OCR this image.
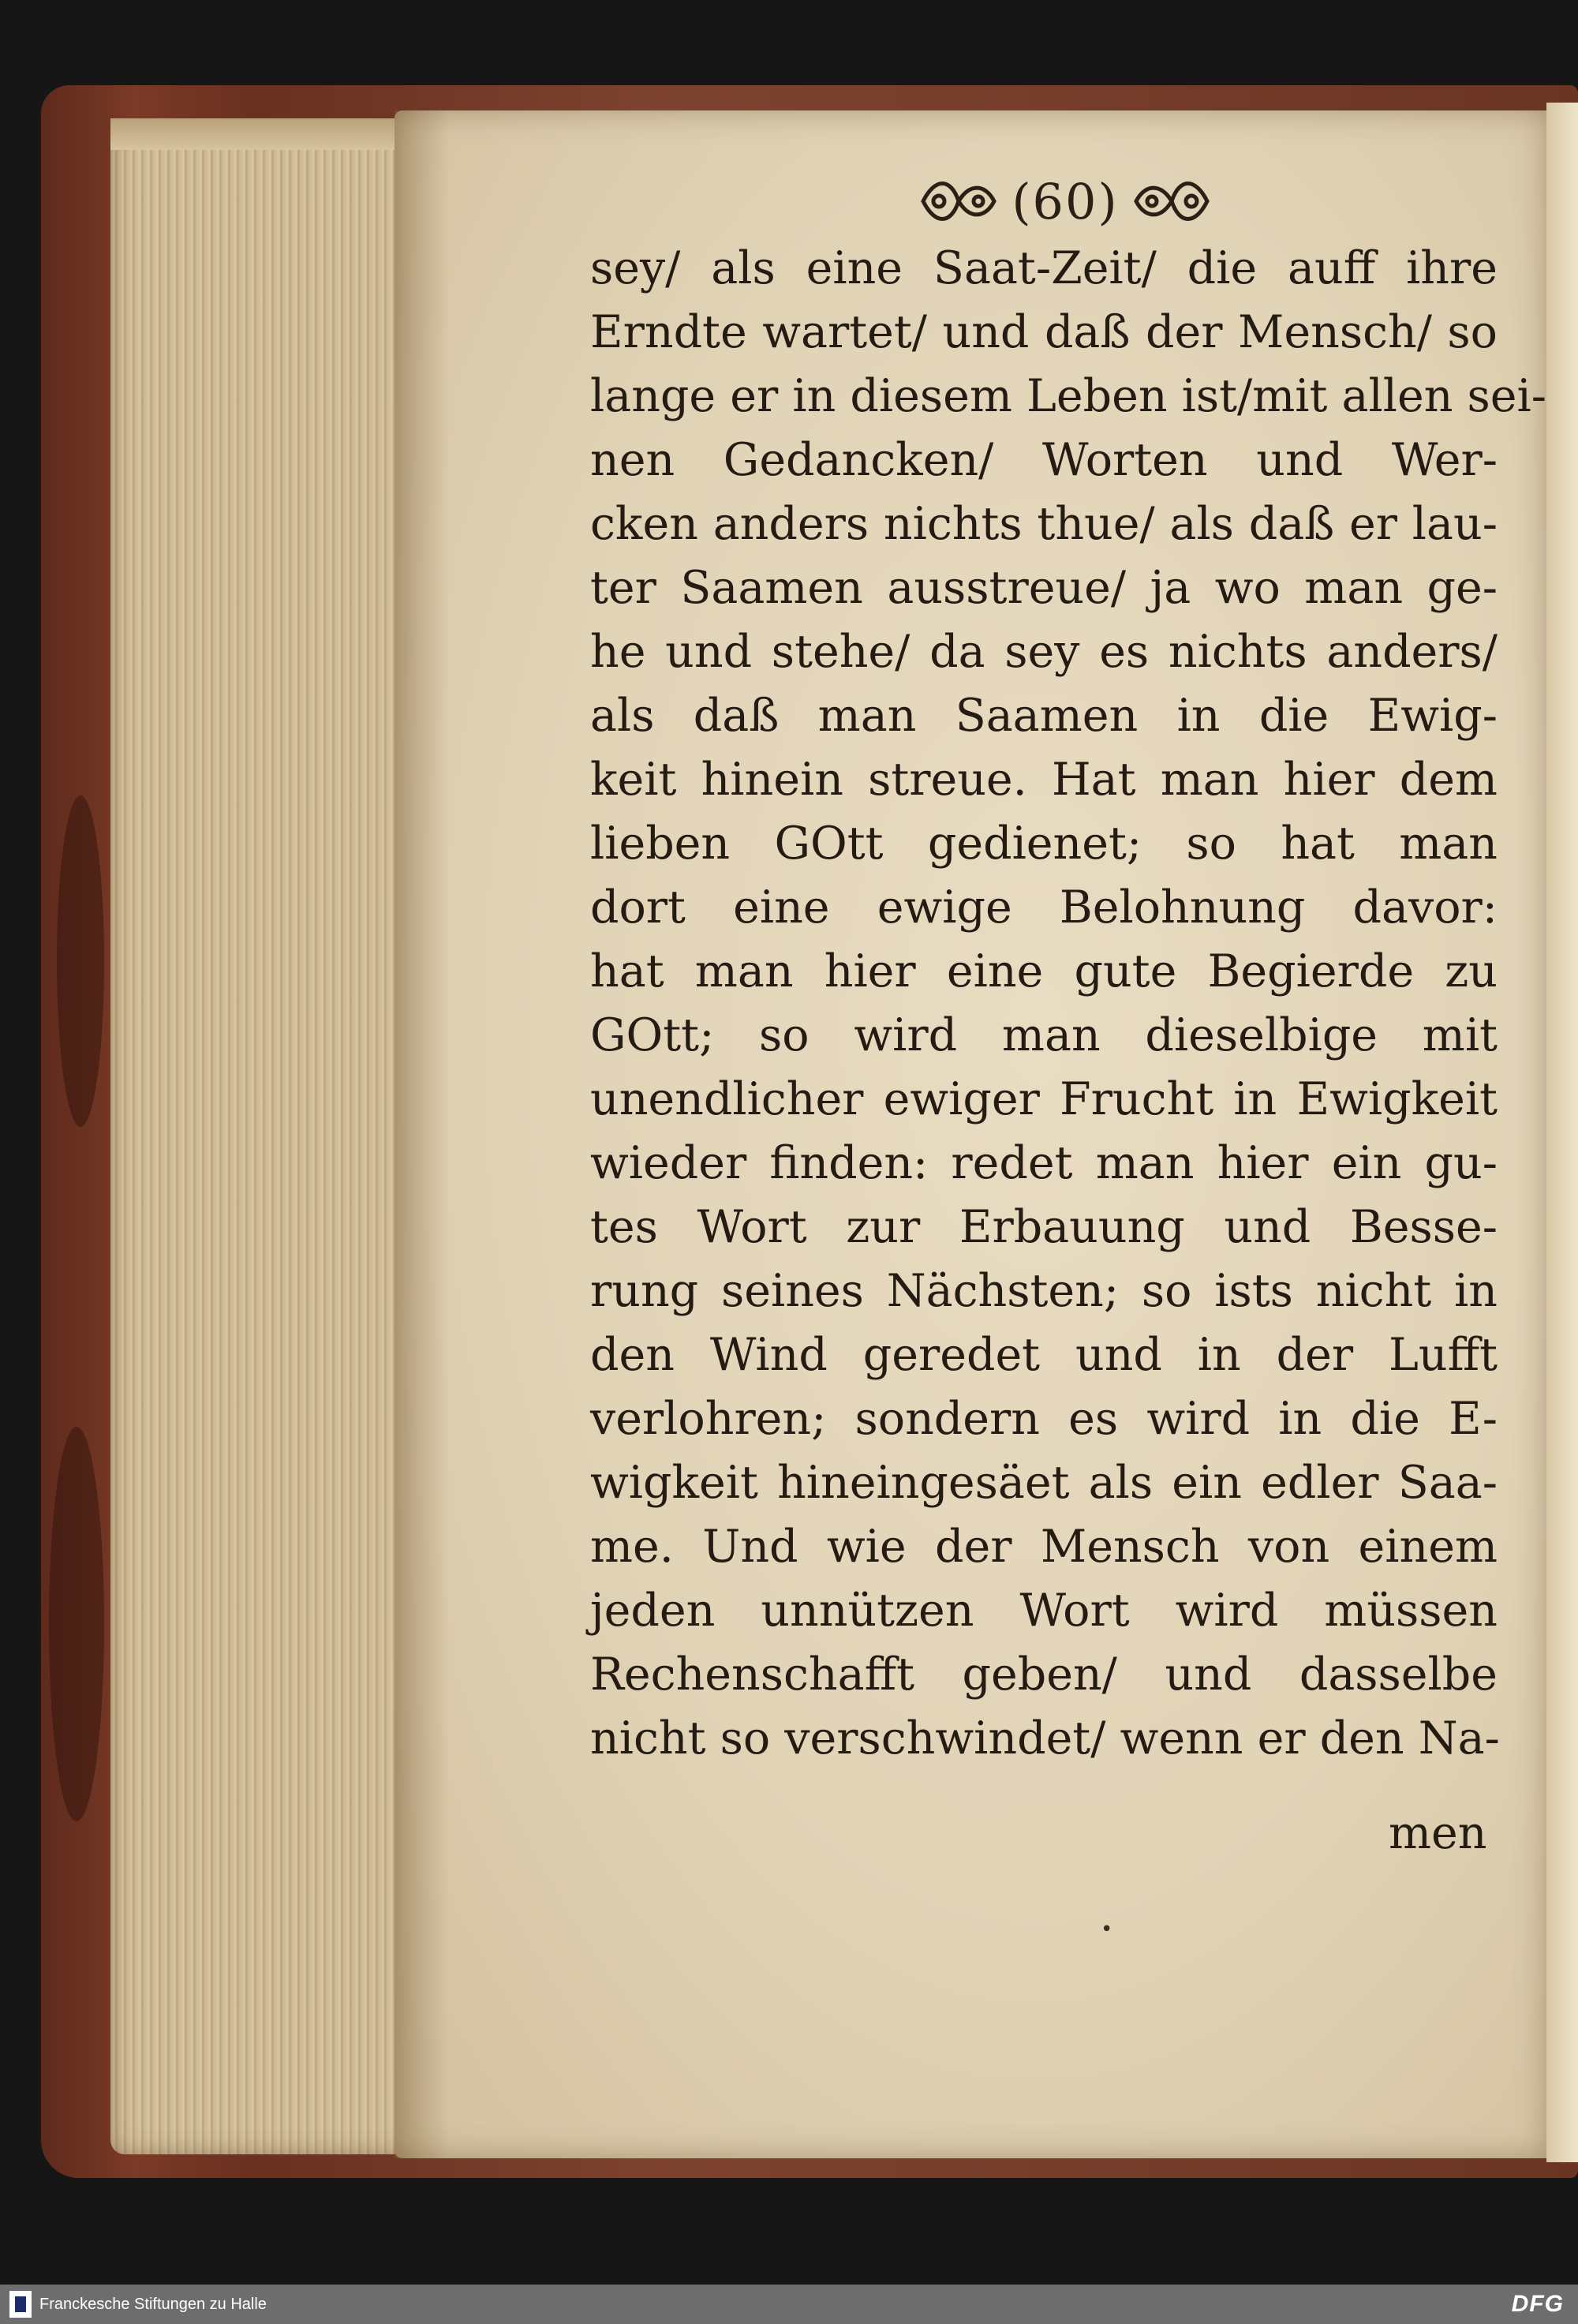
(60)
sey/ als eine Saat-Zeit/ die auff ihre
Erndte wartet/ und daß der Mensch/ so
lange er in diesem Leben ist/mit allen sei-
nen Gedancken/ Worten und Wer-
cken anders nichts thue/ als daß er lau-
ter Saamen ausstreue/ ja wo man ge-
he und stehe/ da sey es nichts anders/
als daß man Saamen in die Ewig-
keit hinein streue. Hat man hier dem
lieben GOtt gedienet; so hat man
dort eine ewige Belohnung davor:
hat man hier eine gute Begierde zu
GOtt; so wird man dieselbige mit
unendlicher ewiger Frucht in Ewigkeit
wieder finden: redet man hier ein gu-
tes Wort zur Erbauung und Besse-
rung seines Nächsten; so ists nicht in
den Wind geredet und in der Lufft
verlohren; sondern es wird in die E-
wigkeit hineingesäet als ein edler Saa-
me. Und wie der Mensch von einem
jeden unnützen Wort wird müssen
Rechenschafft geben/ und dasselbe
nicht so verschwindet/ wenn er den Na-
men
•
Franckesche Stiftungen zu Halle	DFG
